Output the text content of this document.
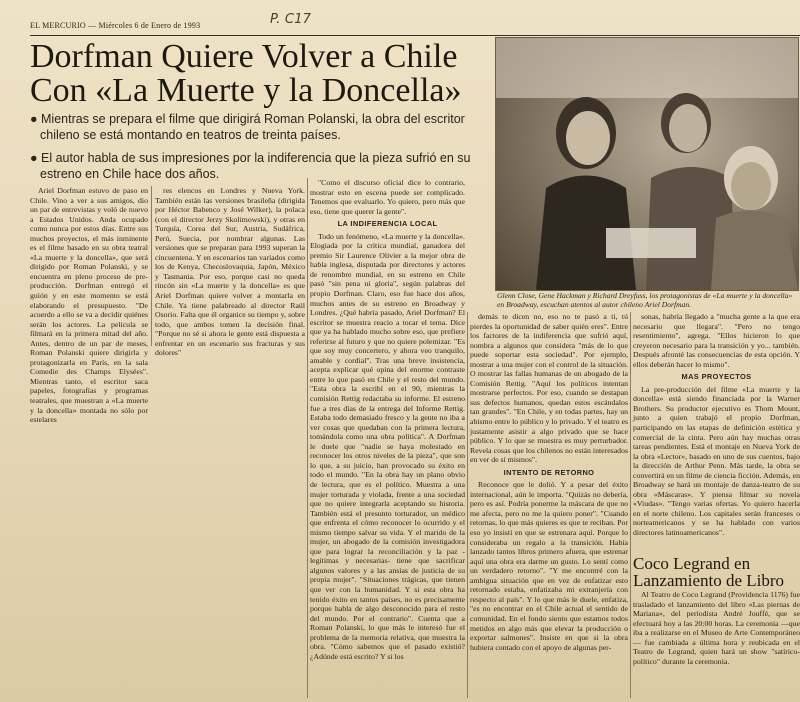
EL MERCURIO — Miércoles 6 de Enero de 1993	P. C17
Dorfman Quiere Volver a Chile Con «La Muerte y la Doncella»
● Mientras se prepara el filme que dirigirá Roman Polanski, la obra del escritor chileno se está montando en teatros de treinta países.
● El autor habla de sus impresiones por la indiferencia que la pieza sufrió en su estreno en Chile hace dos años.
Glenn Close, Gene Hackman y Richard Dreyfuss, los protagonistas de «La muerte y la doncella» en Broadway, escuchan atentos al autor chileno Ariel Dorfman.

Ariel Dorfman estuvo de paso en Chile. Vino a ver a sus amigos, dio un par de entrevistas y voló de nuevo a Estados Unidos. Anda ocupado como nunca por estos días. Entre sus muchos proyectos, el más inminente es el filme basado en su obra teatral «La muerte y la doncella», que será dirigido por Roman Polanski, y se encuentra en pleno proceso de pre-producción. Dorfman entregó el guión y en este momento se está elaborando el presupuesto. "De acuerdo a ello se va a decidir quiénes serán los actores. La película se filmará en la primera mitad del año. Antes, dentro de un par de meses, Roman Polanski quiere dirigirla y protagonizarla en París, en la sala Comedie des Champs Elysées". Mientras tanto, el escritor saca papeles, fotografías y programas teatrales, que muestran a «La muerte y la doncella» montada no sólo por estelares

res elencos en Londres y Nueva York. También están las versiones brasileña (dirigida por Héctor Babenco y José Wilker), la polaca (con el director Jerzy Skolimowski), y otras en Turquía, Corea del Sur, Austria, Sudáfrica, Perú, Suecia, por nombrar algunas. Las versiones que se preparan para 1993 superan la cincuentena. Y en escenarios tan variados como los de Kenya, Checoslovaquia, Japón, México y Tasmania. Por eso, porque casi no queda rincón sin «La muerte y la doncella» es que Ariel Dorfman quiere volver a montarla en Chile. Ya tiene palabreado al director Raúl Osorio. Falta que él organice su tiempo y, sobre todo, que ambos tomen la decisión final. "Porque no sé si ahora le gente está dispuesta a enfrentar en un escenario sus fracturas y sus dolores"

"Como el discurso oficial dice lo contrario, mostrar esto en escena puede ser complicado. Tenemos que evaluarlo. Yo quiero, pero más que eso, tiene que querer la gente".

LA INDIFERENCIA LOCAL

Todo un fenómeno, «La muerte y la doncella». Elogiada por la crítica mundial, ganadora del premio Sir Laurence Olivier a la mejor obra de habla inglesa, disputada por directores y actores de renombre mundial, en su estreno en Chile pasó "sin pena ni gloria", según palabras del propio Dorfman. Claro, eso fue hace dos años, muchos antes de su estreno en Broadway y Londres. ¿Qué habría pasado, Ariel Dorfman? El escritor se muestra reacio a tocar el tema. Dice que ya ha hablado mucho sobre eso, que prefiere referirse al futuro y que no quiere polemizar. "Es que soy muy concertero, y ahora veo tranquilo, amable y cordial". Tras una breve insistencia, acepta explicar qué opina del enorme contraste entre lo que pasó en Chile y el resto del mundo. "Esta obra la escribí en el 90, mientras la comisión Rettig redactaba su informe. El estreno fue a tres días de la entrega del Informe Rettig. Estaba todo demasiado fresco y la gente no iba a ver cosas que quedaban con la primera lectura, tomándola como una obra política". A Dorfman le duele que "nadie se haya molestado en reconocer los otros niveles de la pieza", que son lo que, a su juicio, han provocado su éxito en todo el mundo. "En la obra hay un plano obvio de lectura, que es el político. Muestra a una mujer torturada y violada, frente a una sociedad que no quiere integrarla aceptando su historia. También está el presunto torturador, un médico que enfrenta el cómo reconocer lo ocurrido y el mismo tiempo salvar su vida. Y el marido de la mujer, un abogado de la comisión investigadora que para lograr la reconciliación y la paz -legítimas y necesarias- tiene que sacrificar algunos valores y a las ansias de justicia de su propia mujer". "Situaciones trágicas, que tienen que ver con la humanidad. Y si esta obra ha tenido éxito en tantos países, no es precisamente porque habla de algo desconocido para el resto del mundo. Por el contrario". Cuenta que a Roman Polanski, lo que más le interesó fue el problema de la memoria relativa, que muestra la obra. "Cómo sabemos que el pasado existió? ¿Adónde está escrito? Y si los

demás te dicen no, eso no te pasó a ti, tú pierdes la oportunidad de saber quién eres". Entre los factores de la indiferencia que sufrió aquí, nombra a algunos que considera "más de lo que puede soportar esta sociedad". Por ejemplo, mostrar a una mujer con el control de la situación. O mostrar las fallas humanas de un abogado de la Comisión Rettig. "Aquí los políticos intentan mostrarse perfectos. Por eso, cuando se destapan sus defectos humanos, quedan estos escándalos tan grandes". "En Chile, y en todas partes, hay un abismo entre lo público y lo privado. Y el teatro es justamente asistir a algo privado que se hace público. Y lo que se muestra es muy perturbador. Revela cosas que los chilenos no están interesados en ver de sí mismos".

INTENTO DE RETORNO

Reconoce que le dolió. Y a pesar del éxito internacional, aún le importa. "Quizás no debería, pero es así. Podría ponerme la máscara de que no me afecta, pero no me la quiero poner". "Cuando retornas, lo que más quieres es que te reciban. Por eso yo insistí en que se estrenara aquí. Porque lo consideraba un regalo a la transición. Había lanzado tantos libros primero afuera, que estrenar aquí una obra era darme un gusto. Lo sentí como un verdadero retorno". "Y me encontré con la ambigua situación que en vez de enfatizar esto retornado estaba, enfatizaba mi extranjería con respecto al país". Y lo que más le duele, enfatiza, "es no encontrar en el Chile actual el sentido de comunidad. En el fondo siento que estamos todos metidos en algo más que elevar la producción o exportar salmones". Insiste en que si la obra hubiera contado con el apoyo de algunas per-

sonas, habría llegado a "mucha gente a la que era necesario que llegara". "Pero no tengo resentimiento", agrega. "Ellos hicieron lo que creyeron necesario para la transición y yo... también. Después afronté las consecuencias de esta opción. Y ellos deberán hacer lo mismo".

MAS PROYECTOS

La pre-producción del filme «La muerte y la doncella» está siendo financiada por la Warner Brothers. Su productor ejecutivo es Thom Mount, junto a quien trabajó el propio Dorfman, participando en las etapas de definición estética y comercial de la cinta. Pero aún hay muchas otras tareas pendientes. Está el montaje en Nueva York de la obra «Lector», basado en uno de sus cuentos, bajo la dirección de Arthur Penn. Más tarde, la obra se convertirá en un filme de ciencia ficción. Además, en Broadway se hará un montaje de danza-teatro de su obra «Máscaras». Y piensa filmar su novela «Viudas». "Tengo varias ofertas. Yo quiero hacerla en el norte chileno. Los capitales serán franceses o norteamericanos y se ha hablado con varios directores latinoamericanos".

Coco Legrand en Lanzamiento de Libro

Al Teatro de Coco Legrand (Providencia 1176) fue trasladado el lanzamiento del libro «Las piernas de Mariana», del periodista André Jouffé, que se efectuará hoy a las 20:00 horas. La ceremonia —que iba a realizarse en el Museo de Arte Contemporáneo— fue cambiada a última hora y reubicada en el Teatro de Legrand, quien hará un show "satírico-político" durante la ceremonia.
